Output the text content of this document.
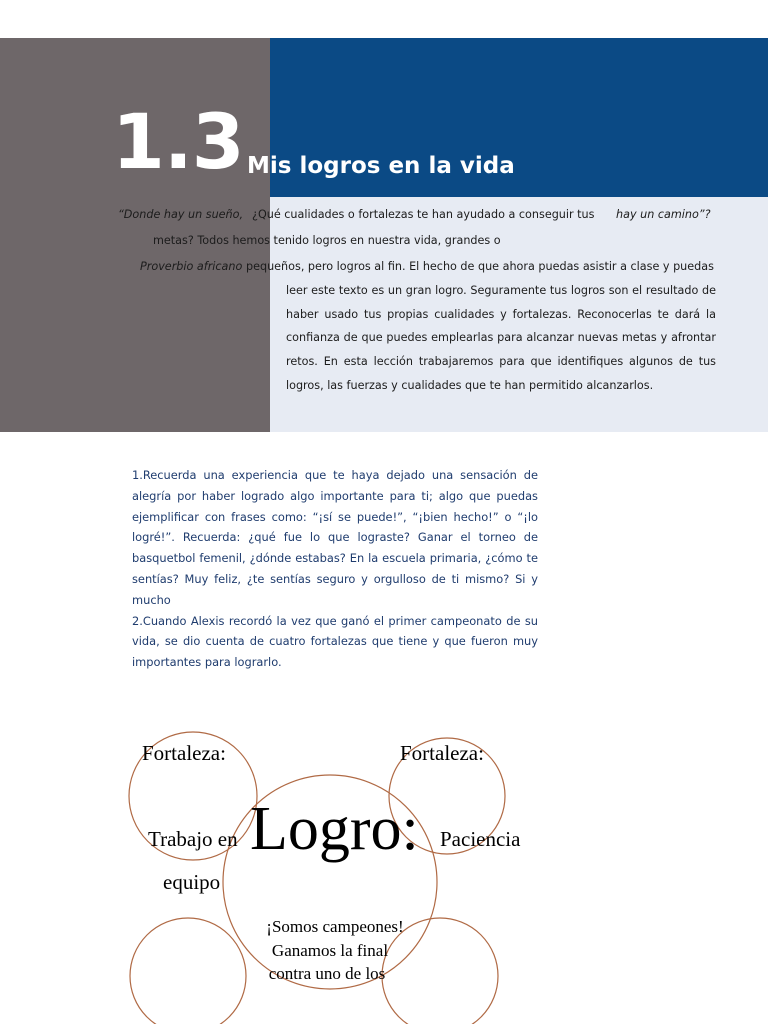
1.3 Mis logros en la vida
“Donde hay un sueño, ¿Qué cualidades o fortalezas te han ayudado a conseguir tus hay un camino”?
metas? Todos hemos tenido logros en nuestra vida, grandes o
Proverbio africano pequeños, pero logros al fin. El hecho de que ahora puedas asistir a clase y puedas
leer este texto es un gran logro. Seguramente tus logros son el resultado de haber usado tus propias cualidades y fortalezas. Reconocerlas te dará la confianza de que puedes emplearlas para alcanzar nuevas metas y afrontar retos. En esta lección trabajaremos para que identifiques algunos de tus logros, las fuerzas y cualidades que te han permitido alcanzarlos.

1.Recuerda una experiencia que te haya dejado una sensación de alegría por haber logrado algo importante para ti; algo que puedas ejemplificar con frases como: “¡sí se puede!”, “¡bien hecho!” o “¡lo logré!”. Recuerda: ¿qué fue lo que lograste? Ganar el torneo de basquetbol femenil, ¿dónde estabas? En la escuela primaria, ¿cómo te sentías? Muy feliz, ¿te sentías seguro y orgulloso de ti mismo? Si y mucho

2.Cuando Alexis recordó la vez que ganó el primer campeonato de su vida, se dio cuenta de cuatro fortalezas que tiene y que fueron muy importantes para lograrlo.

Fortaleza:	Fortaleza:
Trabajo en
equipo
Logro: Paciencia
¡Somos campeones!
Ganamos la final
contra uno de los
